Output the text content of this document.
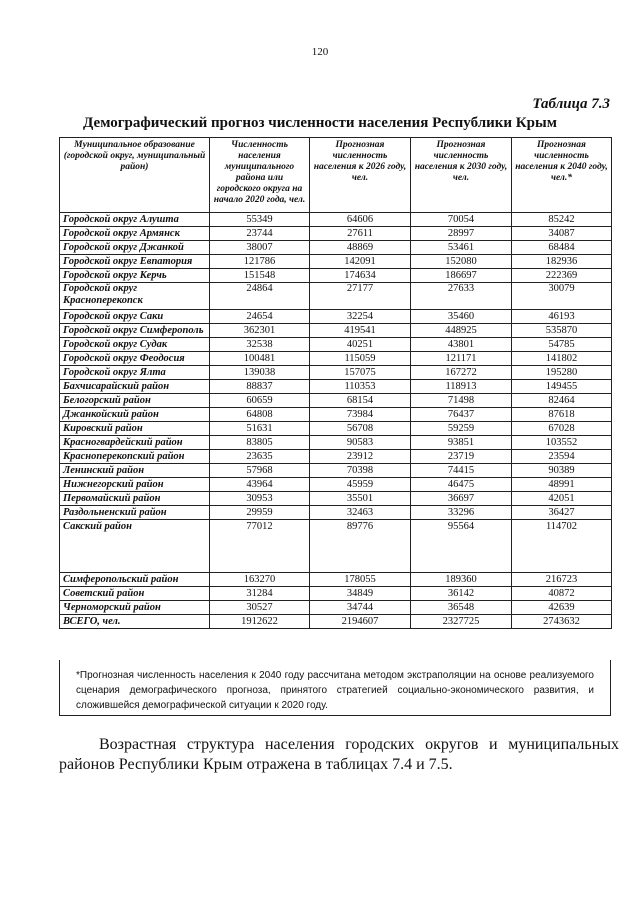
120
Таблица 7.3
Демографический прогноз численности населения Республики Крым
Муниципальное образование (городской округ, муниципальный район)	Численность населения муниципального района или городского округа на начало 2020 года, чел.	Прогнозная численность населения к 2026 году, чел.	Прогнозная численность населения к 2030 году, чел.	Прогнозная численность населения к 2040 году, чел.*
Городской округ Алушта	55349	64606	70054	85242
Городской округ Армянск	23744	27611	28997	34087
Городской округ Джанкой	38007	48869	53461	68484
Городской округ Евпатория	121786	142091	152080	182936
Городской округ Керчь	151548	174634	186697	222369
Городской округ Красноперекопск	24864	27177	27633	30079
Городской округ Саки	24654	32254	35460	46193
Городской округ Симферополь	362301	419541	448925	535870
Городской округ Судак	32538	40251	43801	54785
Городской округ Феодосия	100481	115059	121171	141802
Городской округ Ялта	139038	157075	167272	195280
Бахчисарайский район	88837	110353	118913	149455
Белогорский район	60659	68154	71498	82464
Джанкойский район	64808	73984	76437	87618
Кировский район	51631	56708	59259	67028
Красногвардейский район	83805	90583	93851	103552
Красноперекопский район	23635	23912	23719	23594
Ленинский район	57968	70398	74415	90389
Нижнегорский район	43964	45959	46475	48991
Первомайский район	30953	35501	36697	42051
Раздольненский район	29959	32463	33296	36427
Сакский район	77012	89776	95564	114702
Симферопольский район	163270	178055	189360	216723
Советский район	31284	34849	36142	40872
Черноморский район	30527	34744	36548	42639
ВСЕГО, чел.	1912622	2194607	2327725	2743632
*Прогнозная численность населения к 2040 году рассчитана методом экстраполяции на основе реализуемого сценария демографического прогноза, принятого стратегией социально-экономического развития, и сложившейся демографической ситуации к 2020 году.
Возрастная структура населения городских округов и муниципальных районов Республики Крым отражена в таблицах 7.4 и 7.5.
